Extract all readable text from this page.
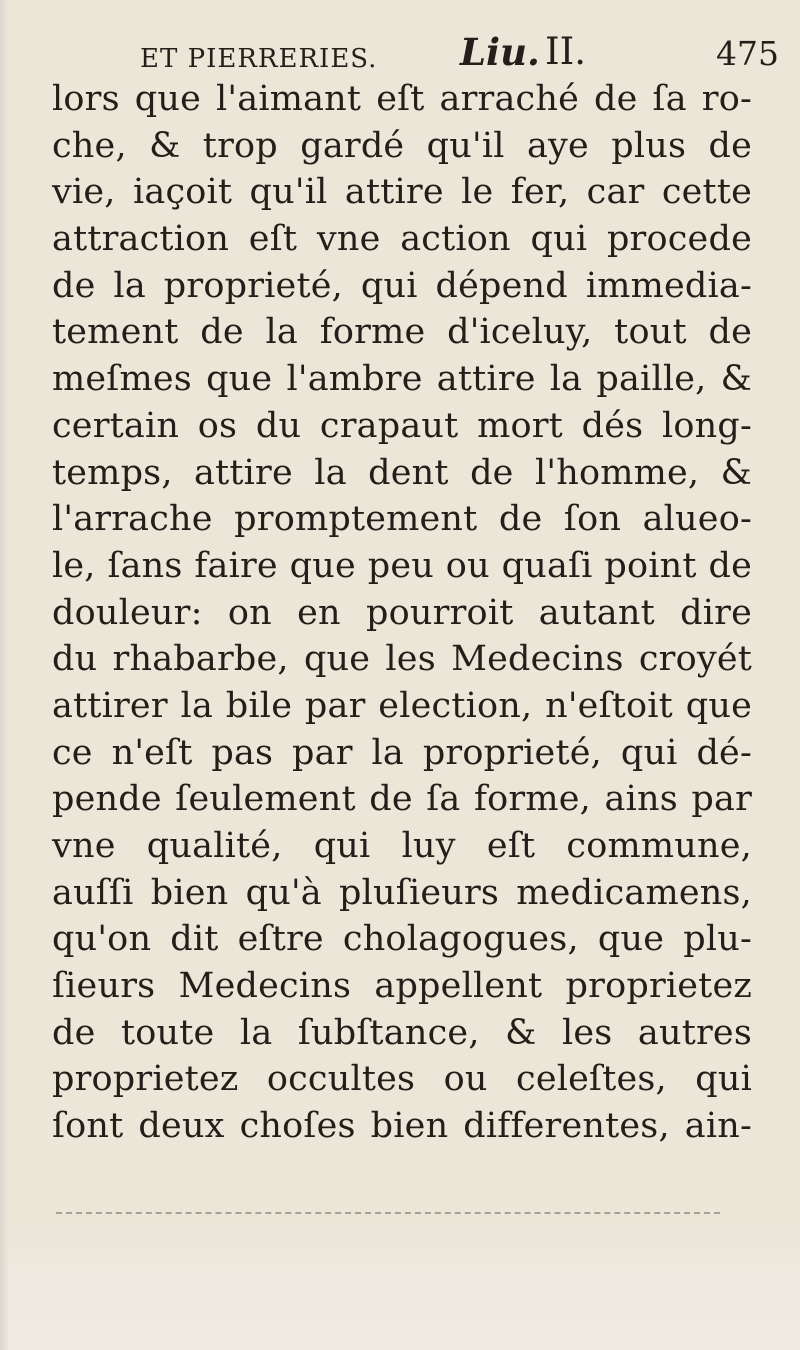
ET PIERRERIES. Liu. II.	475
lors que l'aimant eſt arraché de ſa ro-
che, & trop gardé qu'il aye plus de
vie, iaçoit qu'il attire le fer, car cette
attraction eſt vne action qui procede
de la proprieté, qui dépend immedia-
tement de la forme d'iceluy, tout de
meſmes que l'ambre attire la paille, &
certain os du crapaut mort dés long-
temps, attire la dent de l'homme, &
l'arrache promptement de ſon alueo-
le, ſans faire que peu ou quaſi point de
douleur: on en pourroit autant dire
du rhabarbe, que les Medecins croyét
attirer la bile par election, n'eſtoit que
ce n'eſt pas par la proprieté, qui dé-
pende ſeulement de ſa forme, ains par
vne qualité, qui luy eſt commune,
auſſi bien qu'à pluſieurs medicamens,
qu'on dit eſtre cholagogues, que plu-
ſieurs Medecins appellent proprietez
de toute la ſubſtance, & les autres
proprietez occultes ou celeſtes, qui
ſont deux choſes bien differentes, ain-
